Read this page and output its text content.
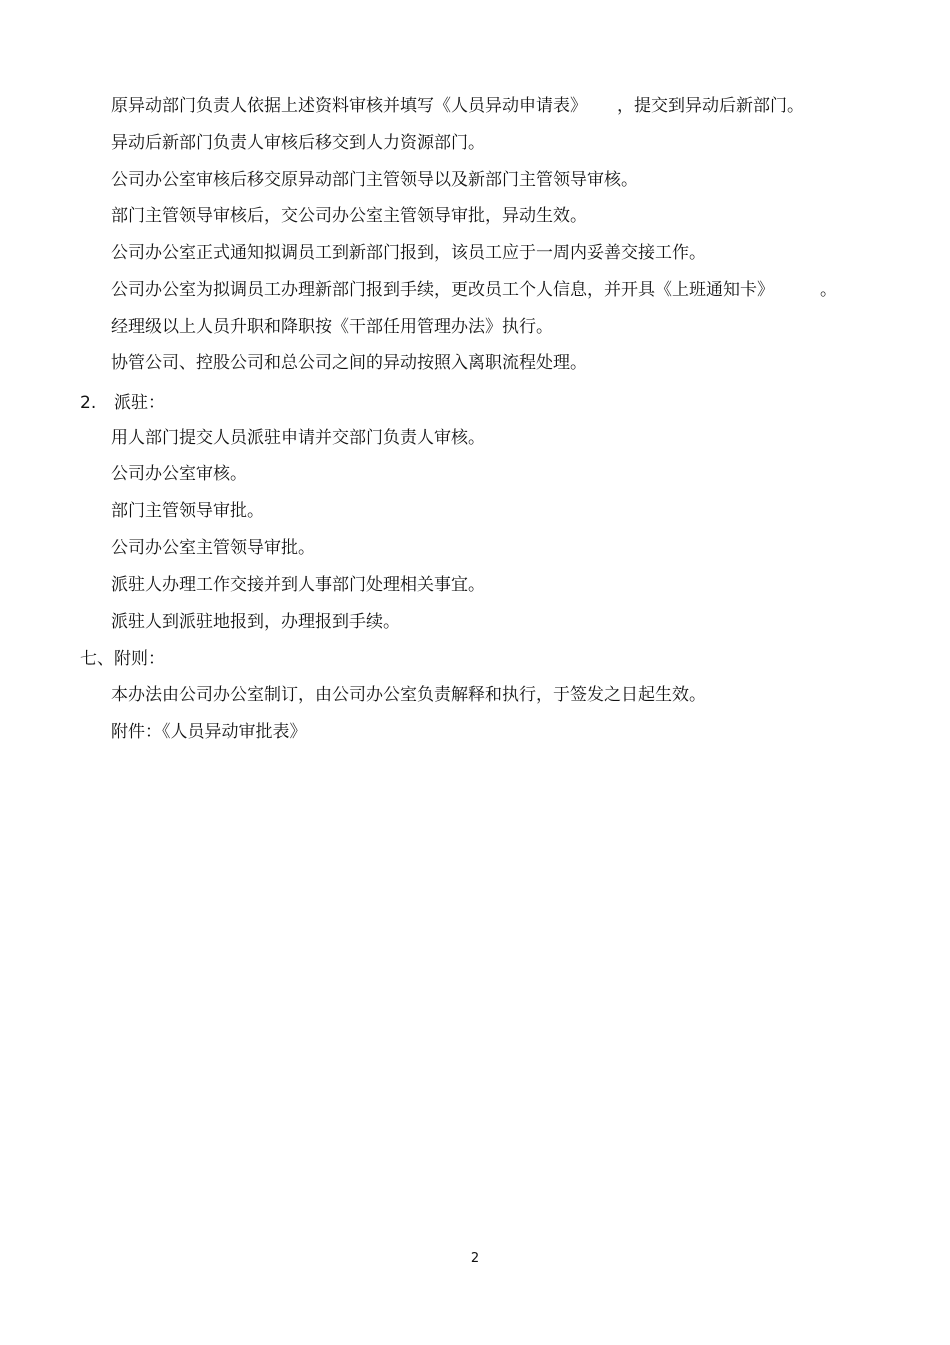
原异动部门负责人依据上述资料审核并填写《人员异动申请表》 ，提交到异动后新部门。
异动后新部门负责人审核后移交到人力资源部门。
公司办公室审核后移交原异动部门主管领导以及新部门主管领导审核。
部门主管领导审核后，交公司办公室主管领导审批，异动生效。
公司办公室正式通知拟调员工到新部门报到，该员工应于一周内妥善交接工作。
公司办公室为拟调员工办理新部门报到手续，更改员工个人信息，并开具《上班通知卡》	。
经理级以上人员升职和降职按《干部任用管理办法》执行。
协管公司、控股公司和总公司之间的异动按照入离职流程处理。
2. 派驻：
用人部门提交人员派驻申请并交部门负责人审核。
公司办公室审核。
部门主管领导审批。
公司办公室主管领导审批。
派驻人办理工作交接并到人事部门处理相关事宜。
派驻人到派驻地报到，办理报到手续。
七、附则：
本办法由公司办公室制订，由公司办公室负责解释和执行，于签发之日起生效。
附件：《人员异动审批表》
2
